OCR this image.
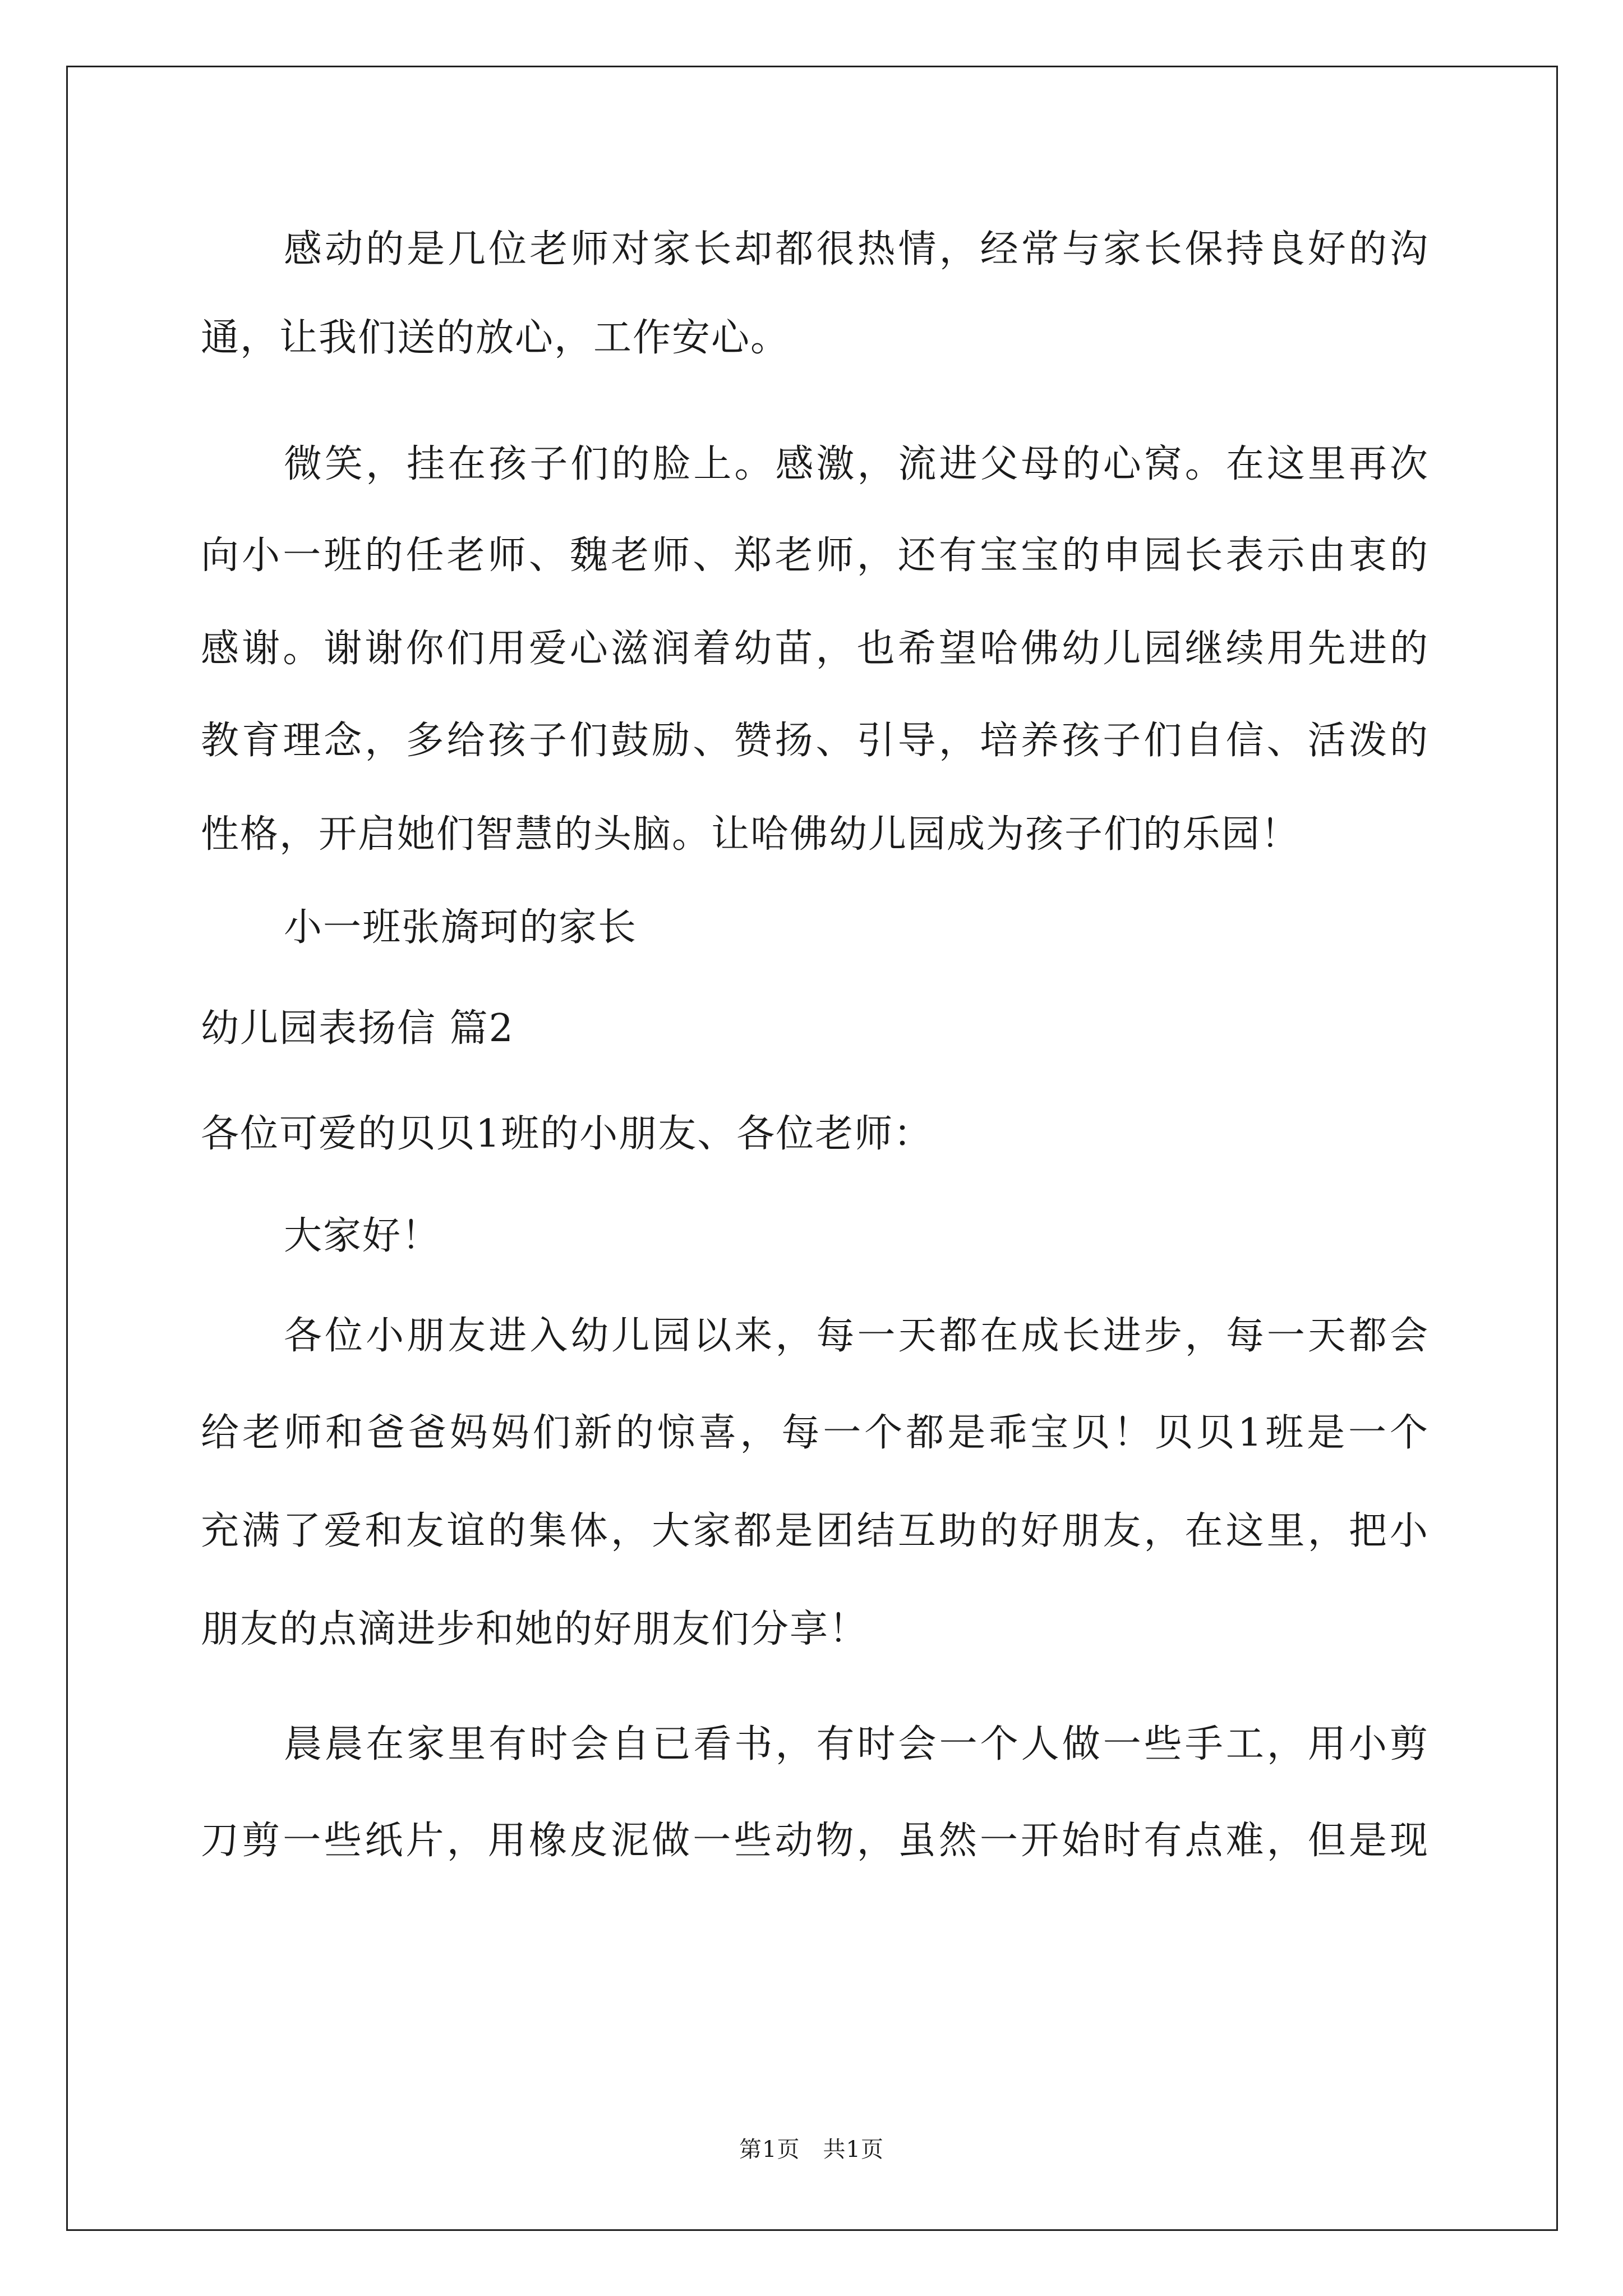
感动的是几位老师对家长却都很热情，经常与家长保持良好的沟
通，让我们送的放心，工作安心。
微笑，挂在孩子们的脸上。感激，流进父母的心窝。在这里再次
向小一班的任老师、魏老师、郑老师，还有宝宝的申园长表示由衷的
感谢。谢谢你们用爱心滋润着幼苗，也希望哈佛幼儿园继续用先进的
教育理念，多给孩子们鼓励、赞扬、引导，培养孩子们自信、活泼的
性格，开启她们智慧的头脑。让哈佛幼儿园成为孩子们的乐园！
小一班张旖珂的家长
幼儿园表扬信 篇2
各位可爱的贝贝1班的小朋友、各位老师：
大家好！
各位小朋友进入幼儿园以来，每一天都在成长进步，每一天都会
给老师和爸爸妈妈们新的惊喜，每一个都是乖宝贝！贝贝1班是一个
充满了爱和友谊的集体，大家都是团结互助的好朋友，在这里，把小
朋友的点滴进步和她的好朋友们分享！
晨晨在家里有时会自已看书，有时会一个人做一些手工，用小剪
刀剪一些纸片，用橡皮泥做一些动物，虽然一开始时有点难，但是现
第1页　共1页
